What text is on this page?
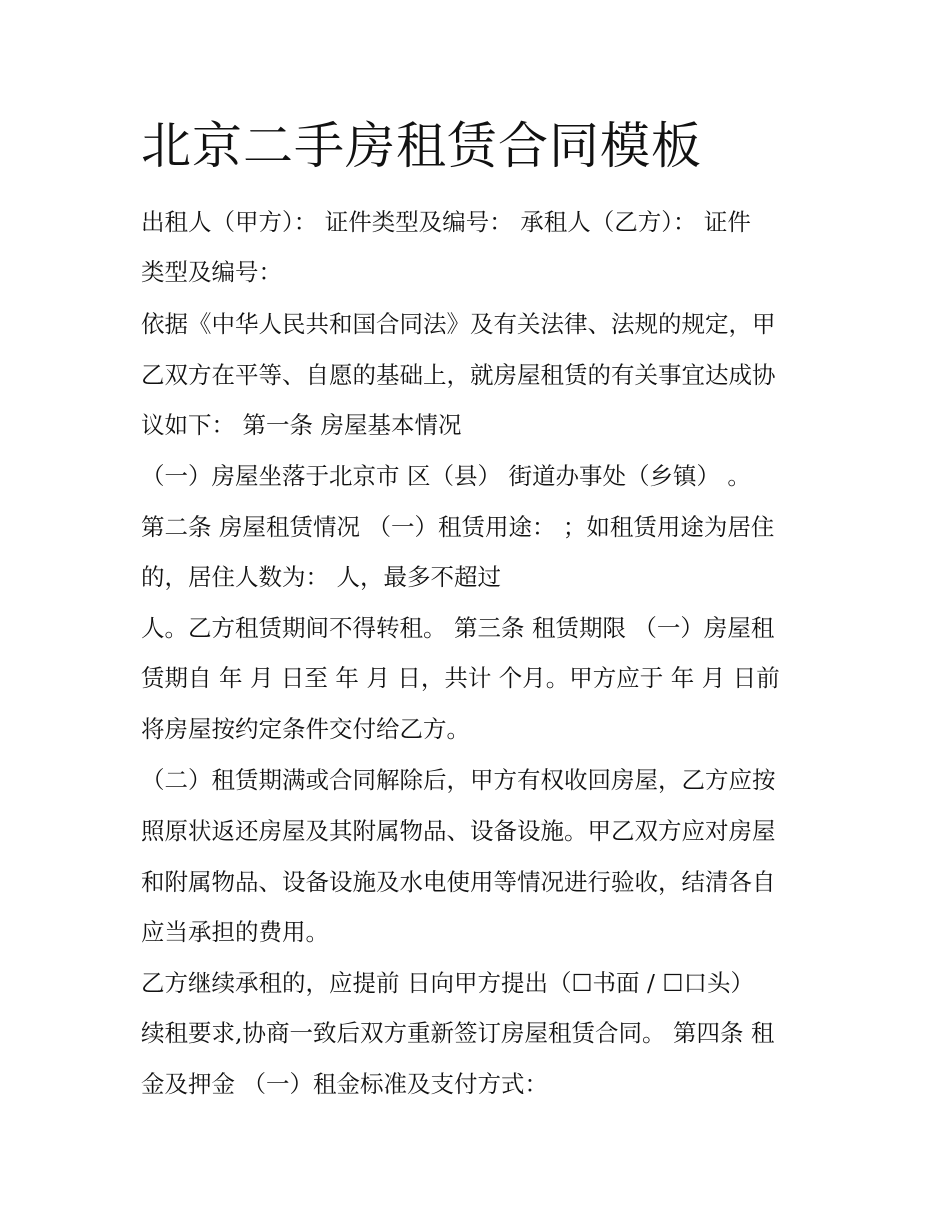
北京二手房租赁合同模板

出租人（甲方）： 证件类型及编号： 承租人（乙方）： 证件

类型及编号：

依据《中华人民共和国合同法》及有关法律、法规的规定，甲

乙双方在平等、自愿的基础上，就房屋租赁的有关事宜达成协

议如下： 第一条 房屋基本情况

（一）房屋坐落于北京市 区（县） 街道办事处（乡镇） 。

第二条 房屋租赁情况 （一）租赁用途： ；如租赁用途为居住

的，居住人数为： 人，最多不超过

人。乙方租赁期间不得转租。 第三条 租赁期限 （一）房屋租

赁期自 年 月 日至 年 月 日，共计 个月。甲方应于 年 月 日前

将房屋按约定条件交付给乙方。

（二）租赁期满或合同解除后，甲方有权收回房屋，乙方应按

照原状返还房屋及其附属物品、设备设施。甲乙双方应对房屋

和附属物品、设备设施及水电使用等情况进行验收，结清各自

应当承担的费用。

乙方继续承租的，应提前 日向甲方提出（☐书面 / ☐口头）

续租要求,协商一致后双方重新签订房屋租赁合同。 第四条 租

金及押金 （一）租金标准及支付方式：
